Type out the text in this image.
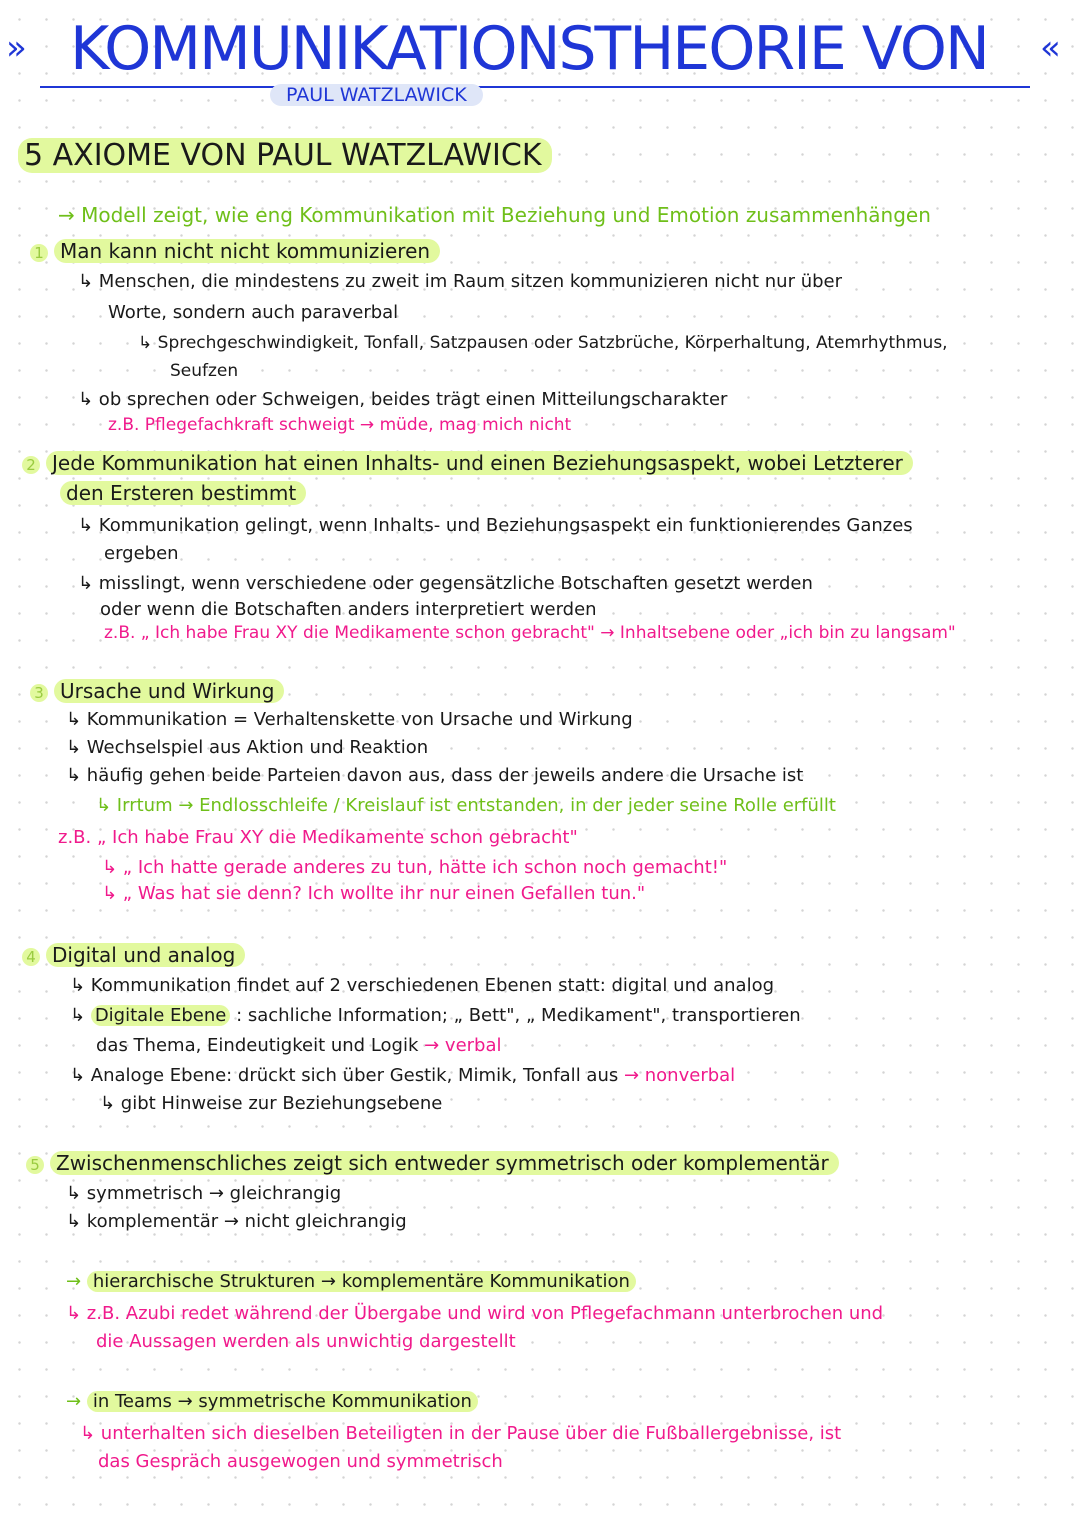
»	«
KOMMUNIKATIONSTHEORIE VON
PAUL WATZLAWICK
5 AXIOME VON PAUL WATZLAWICK
→ Modell zeigt, wie eng Kommunikation mit Beziehung und Emotion zusammenhängen
1 Man kann nicht nicht kommunizieren
↳ Menschen, die mindestens zu zweit im Raum sitzen kommunizieren nicht nur über
Worte, sondern auch paraverbal
↳ Sprechgeschwindigkeit, Tonfall, Satzpausen oder Satzbrüche, Körperhaltung, Atemrhythmus,
Seufzen
↳ ob sprechen oder Schweigen, beides trägt einen Mitteilungscharakter
z.B. Pflegefachkraft schweigt → müde, mag mich nicht
2 Jede Kommunikation hat einen Inhalts- und einen Beziehungsaspekt, wobei Letzterer
den Ersteren bestimmt
↳ Kommunikation gelingt, wenn Inhalts- und Beziehungsaspekt ein funktionierendes Ganzes
ergeben
↳ misslingt, wenn verschiedene oder gegensätzliche Botschaften gesetzt werden
oder wenn die Botschaften anders interpretiert werden
z.B. „ Ich habe Frau XY die Medikamente schon gebracht" → Inhaltsebene oder „ich bin zu langsam"
3 Ursache und Wirkung
↳ Kommunikation = Verhaltenskette von Ursache und Wirkung
↳ Wechselspiel aus Aktion und Reaktion
↳ häufig gehen beide Parteien davon aus, dass der jeweils andere die Ursache ist
↳ Irrtum → Endlosschleife / Kreislauf ist entstanden, in der jeder seine Rolle erfüllt
z.B. „ Ich habe Frau XY die Medikamente schon gebracht"
↳ „ Ich hatte gerade anderes zu tun, hätte ich schon noch gemacht!"
↳ „ Was hat sie denn? Ich wollte ihr nur einen Gefallen tun."
4 Digital und analog
↳ Kommunikation findet auf 2 verschiedenen Ebenen statt: digital und analog
↳ Digitale Ebene : sachliche Information; „ Bett", „ Medikament", transportieren
das Thema, Eindeutigkeit und Logik → verbal
↳ Analoge Ebene: drückt sich über Gestik, Mimik, Tonfall aus → nonverbal
↳ gibt Hinweise zur Beziehungsebene
5 Zwischenmenschliches zeigt sich entweder symmetrisch oder komplementär
↳ symmetrisch → gleichrangig
↳ komplementär → nicht gleichrangig
→ hierarchische Strukturen → komplementäre Kommunikation
↳ z.B. Azubi redet während der Übergabe und wird von Pflegefachmann unterbrochen und
die Aussagen werden als unwichtig dargestellt
→ in Teams → symmetrische Kommunikation
↳ unterhalten sich dieselben Beteiligten in der Pause über die Fußballergebnisse, ist
das Gespräch ausgewogen und symmetrisch
